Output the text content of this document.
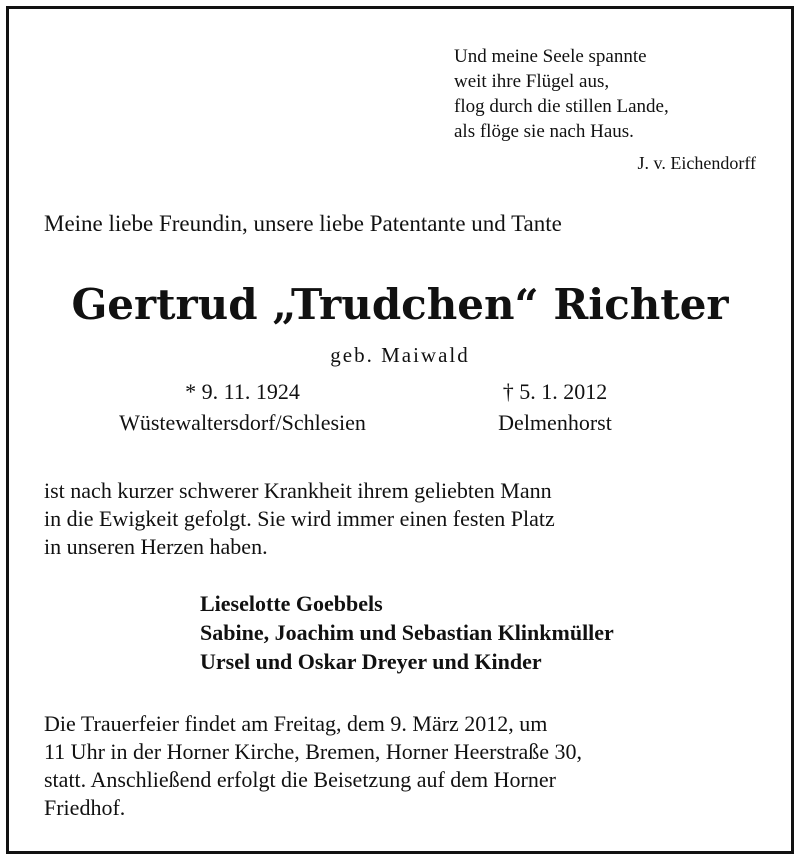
Und meine Seele spannte
weit ihre Flügel aus,
flog durch die stillen Lande,
als flöge sie nach Haus.
J. v. Eichendorff
Meine liebe Freundin, unsere liebe Patentante und Tante
Gertrud „Trudchen“ Richter
geb. Maiwald
* 9. 11. 1924
Wüstewaltersdorf/Schlesien
† 5. 1. 2012
Delmenhorst
ist nach kurzer schwerer Krankheit ihrem geliebten Mann
in die Ewigkeit gefolgt. Sie wird immer einen festen Platz
in unseren Herzen haben.
Lieselotte Goebbels
Sabine, Joachim und Sebastian Klinkmüller
Ursel und Oskar Dreyer und Kinder
Die Trauerfeier findet am Freitag, dem 9. März 2012, um
11 Uhr in der Horner Kirche, Bremen, Horner Heerstraße 30,
statt. Anschließend erfolgt die Beisetzung auf dem Horner
Friedhof.
